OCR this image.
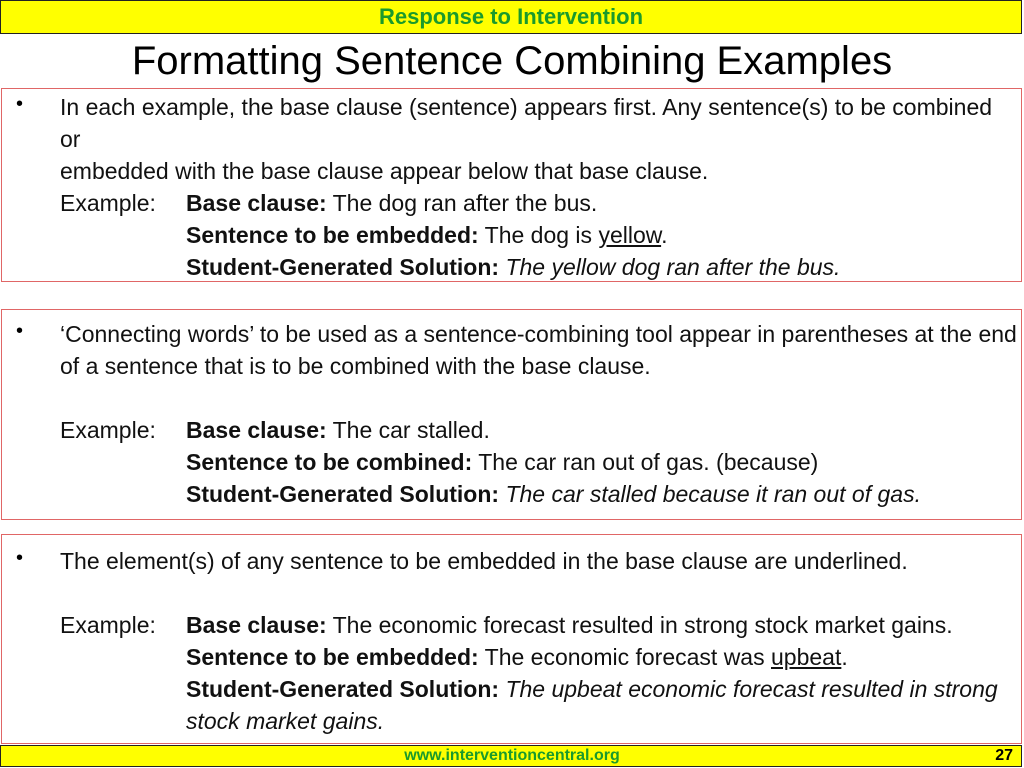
Response to Intervention
Formatting Sentence Combining Examples
• In each example, the base clause (sentence) appears first. Any sentence(s) to be combined or
embedded with the base clause appear below that base clause.
Example: Base clause: The dog ran after the bus.
Sentence to be embedded: The dog is yellow.
Student-Generated Solution: The yellow dog ran after the bus.
• ‘Connecting words’ to be used as a sentence-combining tool appear in parentheses at the end
of a sentence that is to be combined with the base clause.
Example: Base clause: The car stalled.
Sentence to be combined: The car ran out of gas. (because)
Student-Generated Solution: The car stalled because it ran out of gas.
• The element(s) of any sentence to be embedded in the base clause are underlined.
Example: Base clause: The economic forecast resulted in strong stock market gains.
Sentence to be embedded: The economic forecast was upbeat.
Student-Generated Solution: The upbeat economic forecast resulted in strong
stock market gains.
www.interventioncentral.org	27
